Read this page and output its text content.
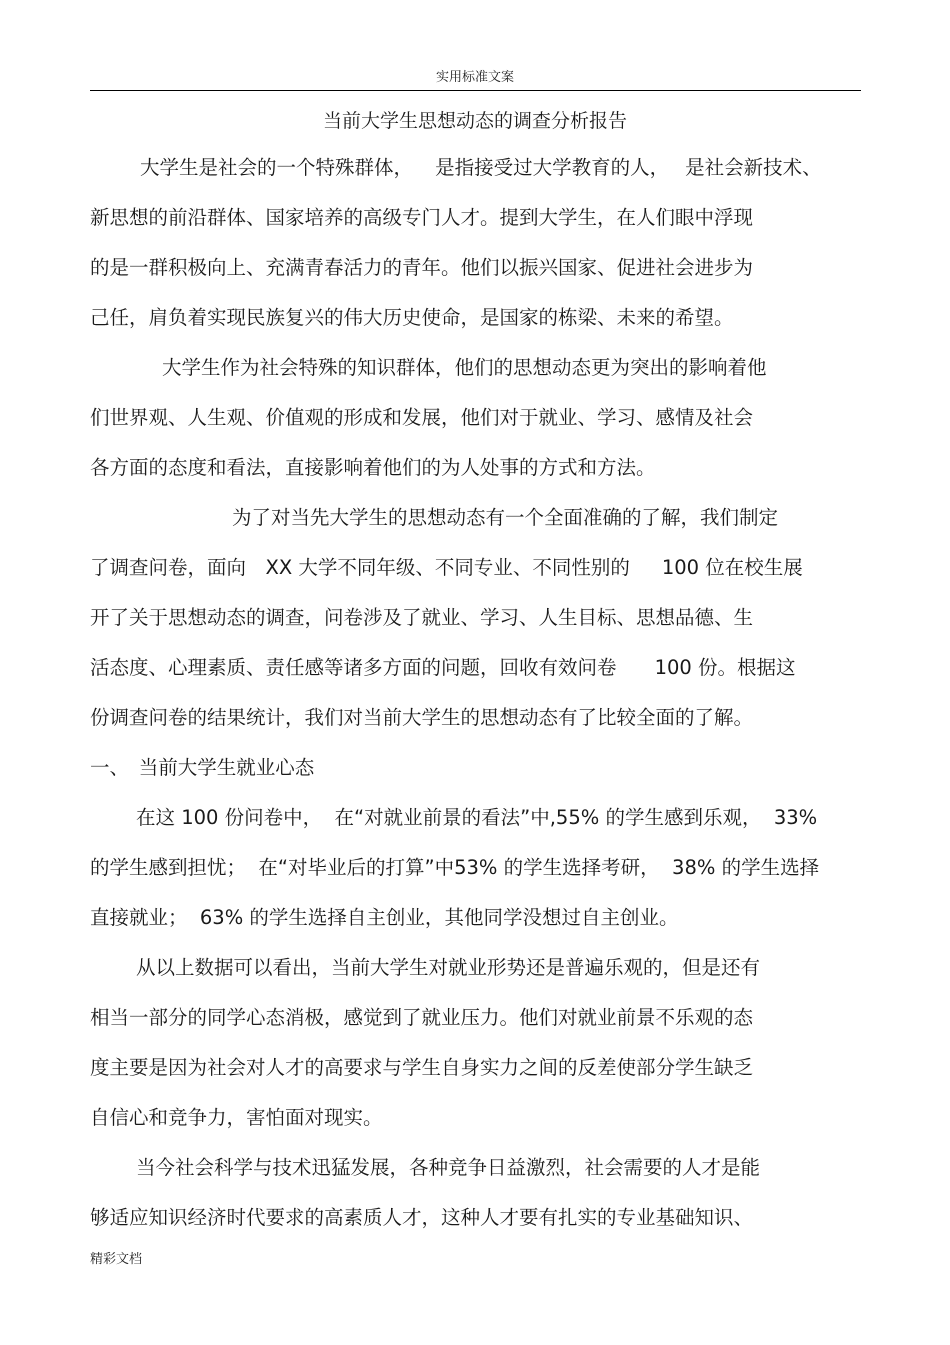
实用标准文案
当前大学生思想动态的调查分析报告
大学生是社会的一个特殊群体，　  是指接受过大学教育的人，　 是社会新技术、
新思想的前沿群体、国家培养的高级专门人才。提到大学生，在人们眼中浮现
的是一群积极向上、充满青春活力的青年。他们以振兴国家、促进社会进步为
己任，肩负着实现民族复兴的伟大历史使命，是国家的栋梁、未来的希望。
大学生作为社会特殊的知识群体，他们的思想动态更为突出的影响着他
们世界观、人生观、价值观的形成和发展，他们对于就业、学习、感情及社会
各方面的态度和看法，直接影响着他们的为人处事的方式和方法。
为了对当先大学生的思想动态有一个全面准确的了解，我们制定
了调查问卷，面向　XX 大学不同年级、不同专业、不同性别的　  100 位在校生展
开了关于思想动态的调查，问卷涉及了就业、学习、人生目标、思想品德、生
活态度、心理素质、责任感等诸多方面的问题，回收有效问卷　   100 份。根据这
份调查问卷的结果统计，我们对当前大学生的思想动态有了比较全面的了解。
一、　当前大学生就业心态
在这 100 份问卷中，  在“对就业前景的看法”中,55% 的学生感到乐观，  33%
的学生感到担忧；  在“对毕业后的打算”中53% 的学生选择考研，  38% 的学生选择
直接就业；  63% 的学生选择自主创业，其他同学没想过自主创业。
从以上数据可以看出，当前大学生对就业形势还是普遍乐观的，但是还有
相当一部分的同学心态消极，感觉到了就业压力。他们对就业前景不乐观的态
度主要是因为社会对人才的高要求与学生自身实力之间的反差使部分学生缺乏
自信心和竞争力，害怕面对现实。
当今社会科学与技术迅猛发展，各种竞争日益激烈，社会需要的人才是能
够适应知识经济时代要求的高素质人才，这种人才要有扎实的专业基础知识、
精彩文档
